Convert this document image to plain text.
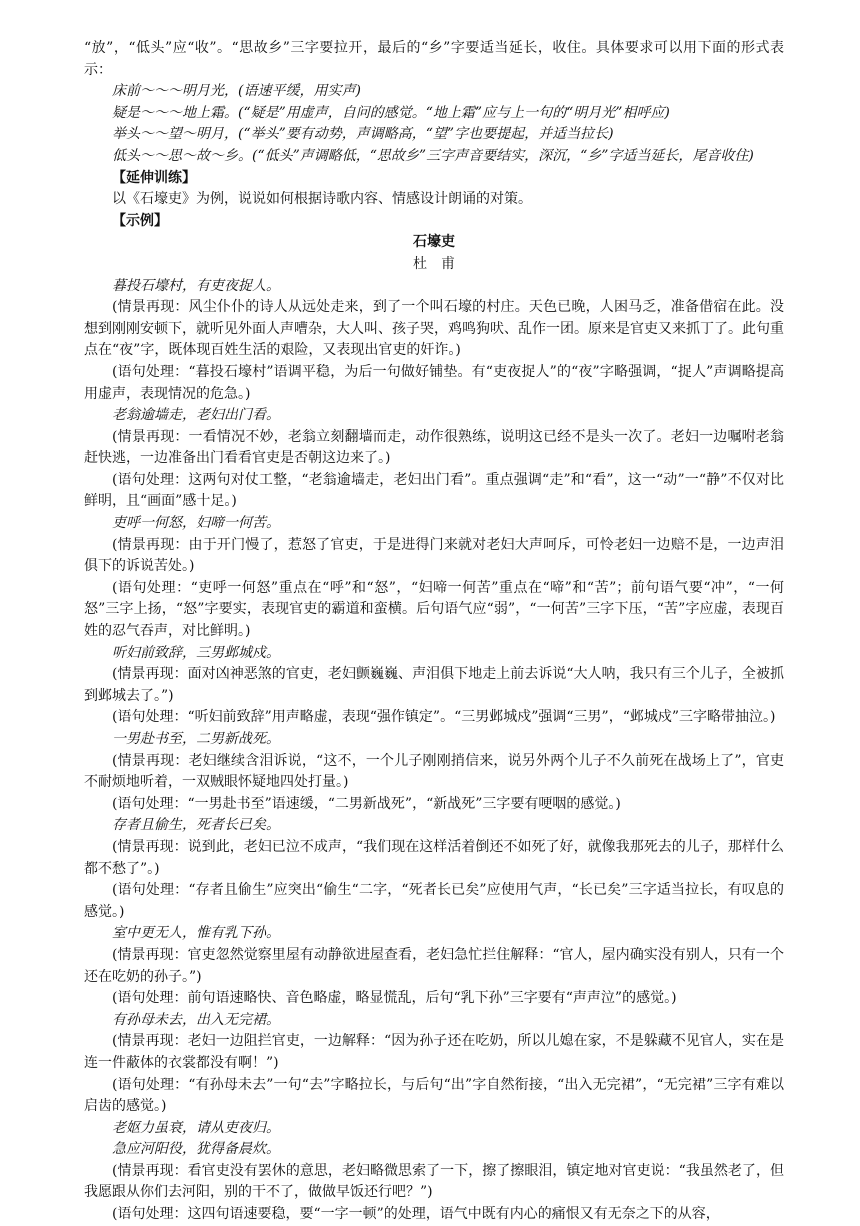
“放”，“低头”应“收”。“思故乡”三字要拉开，最后的“乡”字要适当延长，收住。具体要求可以用下面的形式表示：

床前～～～明月光，(语速平缓，用实声)

疑是～～～地上霜。(“疑是”用虚声，自问的感觉。“地上霜”应与上一句的“明月光”相呼应)

举头～～望～明月，(“举头”要有动势，声调略高，“望”字也要提起，并适当拉长)

低头～～思～故～乡。(“低头”声调略低，“思故乡”三字声音要结实，深沉，“乡”字适当延长，尾音收住)

【延伸训练】

以《石壕吏》为例，说说如何根据诗歌内容、情感设计朗诵的对策。

【示例】

石壕吏

杜　甫

暮投石壕村，有吏夜捉人。

(情景再现：风尘仆仆的诗人从远处走来，到了一个叫石壕的村庄。天色已晚，人困马乏，准备借宿在此。没想到刚刚安顿下，就听见外面人声嘈杂，大人叫、孩子哭，鸡鸣狗吠、乱作一团。原来是官吏又来抓丁了。此句重点在“夜”字，既体现百姓生活的艰险，又表现出官吏的奸诈。)

(语句处理：“暮投石壕村”语调平稳，为后一句做好铺垫。有“吏夜捉人”的“夜”字略强调，“捉人”声调略提高用虚声，表现情况的危急。)

老翁逾墙走，老妇出门看。

(情景再现：一看情况不妙，老翁立刻翻墙而走，动作很熟练，说明这已经不是头一次了。老妇一边嘱咐老翁赶快逃，一边准备出门看看官吏是否朝这边来了。)

(语句处理：这两句对仗工整，“老翁逾墙走，老妇出门看”。重点强调“走”和“看”，这一“动”一“静”不仅对比鲜明，且“画面”感十足。)

吏呼一何怒，妇啼一何苦。

(情景再现：由于开门慢了，惹怒了官吏，于是进得门来就对老妇大声呵斥，可怜老妇一边赔不是，一边声泪俱下的诉说苦处。)

(语句处理：“吏呼一何怒”重点在“呼”和“怒”，“妇啼一何苦”重点在“啼”和“苦”；前句语气要“冲”，“一何怒”三字上扬，“怒”字要实，表现官吏的霸道和蛮横。后句语气应“弱”，“一何苦”三字下压，“苦”字应虚，表现百姓的忍气吞声，对比鲜明。)

听妇前致辞，三男邺城戍。

(情景再现：面对凶神恶煞的官吏，老妇颤巍巍、声泪俱下地走上前去诉说“大人呐，我只有三个儿子，全被抓到邺城去了。”)

(语句处理：“听妇前致辞”用声略虚，表现“强作镇定”。“三男邺城戍”强调“三男”，“邺城戍”三字略带抽泣。)

一男赴书至，二男新战死。

(情景再现：老妇继续含泪诉说，“这不，一个儿子刚刚捎信来，说另外两个儿子不久前死在战场上了”，官吏不耐烦地听着，一双贼眼怀疑地四处打量。)

(语句处理：“一男赴书至”语速缓，“二男新战死”，“新战死”三字要有哽咽的感觉。)

存者且偷生，死者长已矣。

(情景再现：说到此，老妇已泣不成声，“我们现在这样活着倒还不如死了好，就像我那死去的儿子，那样什么都不愁了”。)

(语句处理：“存者且偷生”应突出“偷生“二字，“死者长已矣”应使用气声，“长已矣”三字适当拉长，有叹息的感觉。)

室中更无人，惟有乳下孙。

(情景再现：官吏忽然觉察里屋有动静欲进屋查看，老妇急忙拦住解释：“官人，屋内确实没有别人，只有一个还在吃奶的孙子。”)

(语句处理：前句语速略快、音色略虚，略显慌乱，后句“乳下孙”三字要有“声声泣”的感觉。)

有孙母未去，出入无完裙。

(情景再现：老妇一边阻拦官吏，一边解释：“因为孙子还在吃奶，所以儿媳在家，不是躲藏不见官人，实在是连一件蔽体的衣裳都没有啊！”)

(语句处理：“有孙母未去”一句“去”字略拉长，与后句“出”字自然衔接，“出入无完裙”，“无完裙”三字有难以启齿的感觉。)

老妪力虽衰，请从吏夜归。

急应河阳役，犹得备晨炊。

(情景再现：看官吏没有罢休的意思，老妇略微思索了一下，擦了擦眼泪，镇定地对官吏说：“我虽然老了，但我愿跟从你们去河阳，别的干不了，做做早饭还行吧？”)

(语句处理：这四句语速要稳，要“一字一顿”的处理，语气中既有内心的痛恨又有无奈之下的从容，
